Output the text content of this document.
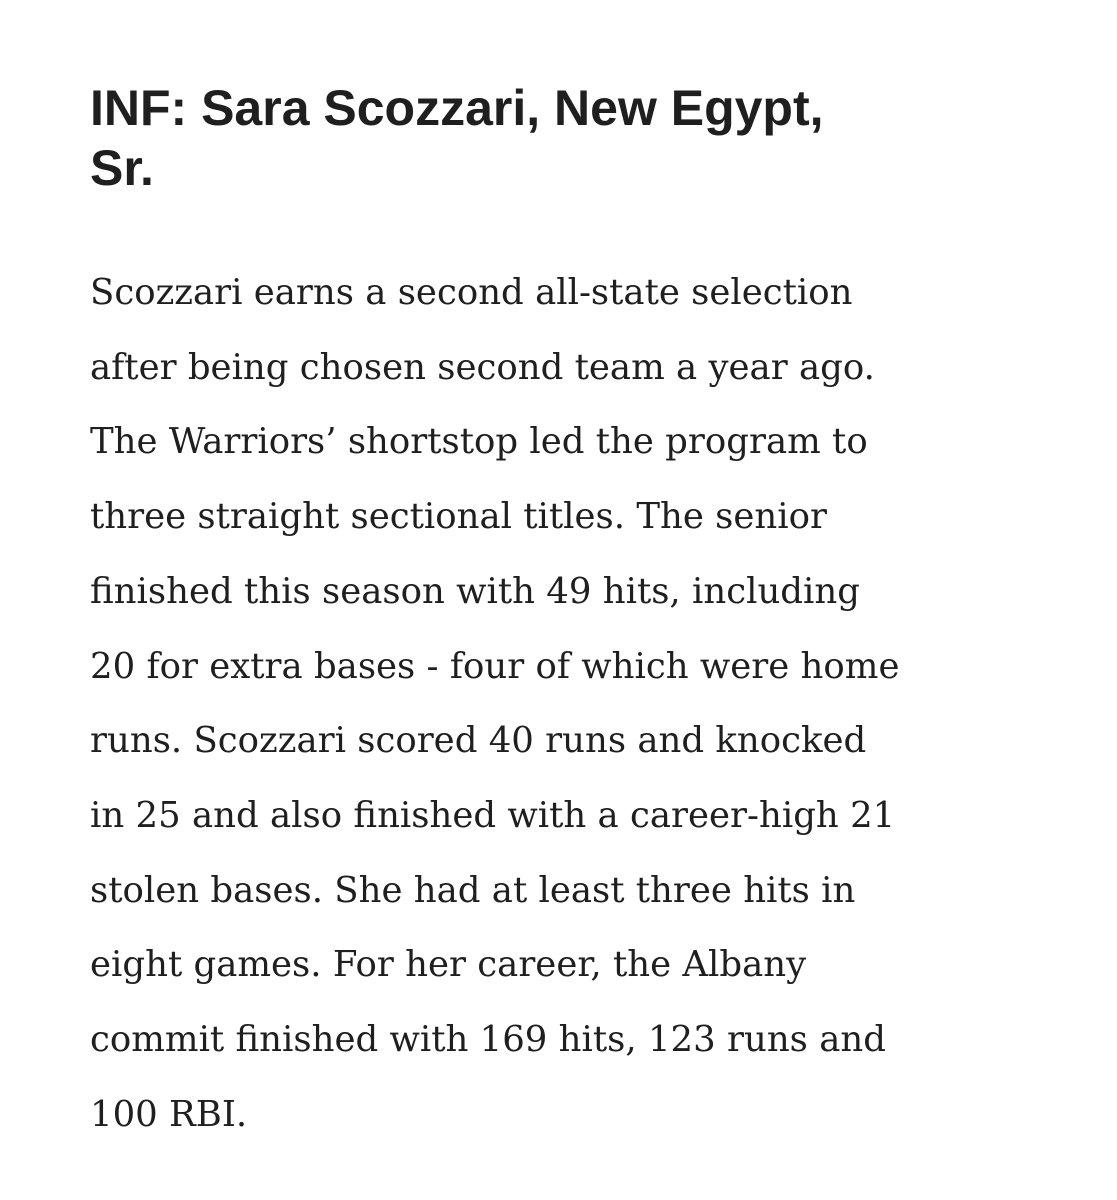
INF: Sara Scozzari, New Egypt,
Sr.

Scozzari earns a second all-state selection
after being chosen second team a year ago.
The Warriors’ shortstop led the program to
three straight sectional titles. The senior
finished this season with 49 hits, including
20 for extra bases - four of which were home
runs. Scozzari scored 40 runs and knocked
in 25 and also finished with a career-high 21
stolen bases. She had at least three hits in
eight games. For her career, the Albany
commit finished with 169 hits, 123 runs and
100 RBI.
